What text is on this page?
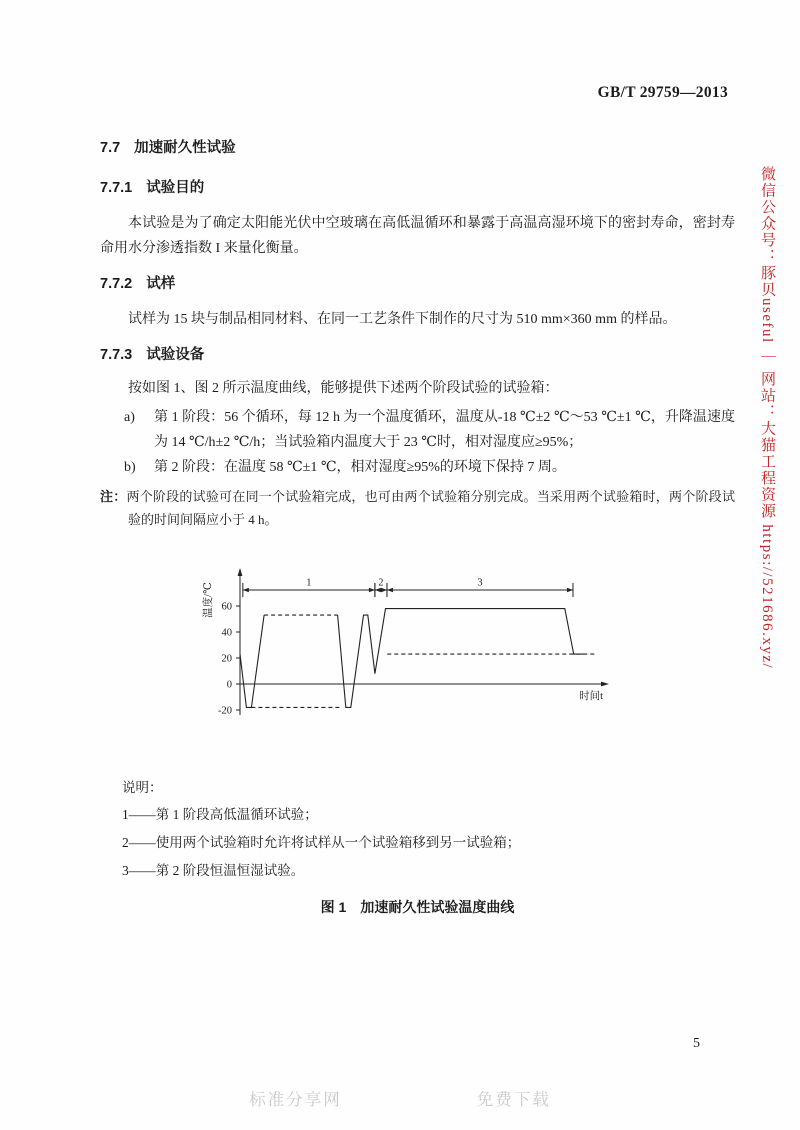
GB/T 29759—2013
微信公众号：豚贝useful ｜ 网站：大猫工程资源 https://521686.xyz/
7.7 加速耐久性试验
7.7.1 试验目的

本试验是为了确定太阳能光伏中空玻璃在高低温循环和暴露于高温高湿环境下的密封寿命，密封寿命用水分渗透指数 I 来量化衡量。

7.7.2 试样

试样为 15 块与制品相同材料、在同一工艺条件下制作的尺寸为 510 mm×360 mm 的样品。

7.7.3 试验设备

按如图 1、图 2 所示温度曲线，能够提供下述两个阶段试验的试验箱：

a)	第 1 阶段：56 个循环，每 12 h 为一个温度循环，温度从-18 ℃±2 ℃～53 ℃±1 ℃，升降温速度为 14 ℃/h±2 ℃/h；当试验箱内温度大于 23 ℃时，相对湿度应≥95%；
b)	第 2 阶段：在温度 58 ℃±1 ℃，相对湿度≥95%的环境下保持 7 周。
注：两个阶段的试验可在同一个试验箱完成，也可由两个试验箱分别完成。当采用两个试验箱时，两个阶段试验的时间间隔应小于 4 h。
60
40
20
0
-20
温度/℃
时间t
1	2	3
说明：
1——第 1 阶段高低温循环试验；
2——使用两个试验箱时允许将试样从一个试验箱移到另一试验箱；
3——第 2 阶段恒温恒湿试验。
图 1 加速耐久性试验温度曲线
5
标准分享网	免费下载
